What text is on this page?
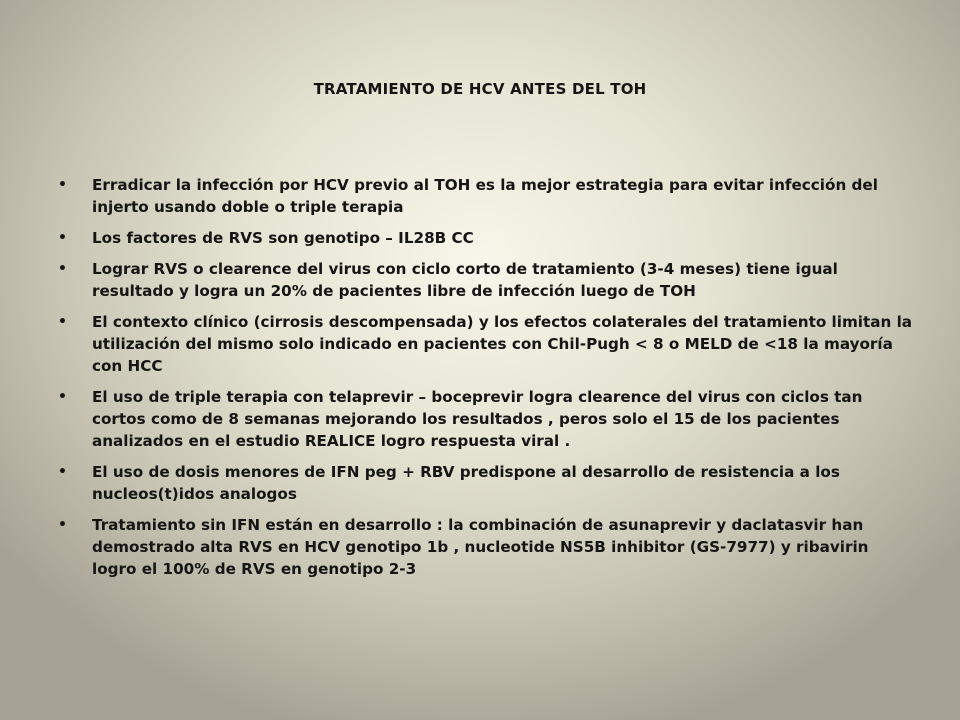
TRATAMIENTO DE HCV ANTES DEL TOH
• Erradicar la infección por HCV previo al TOH es la mejor estrategia para evitar infección del injerto usando doble o triple terapia
• Los factores de RVS son genotipo – IL28B CC
• Lograr RVS o clearence del virus con ciclo corto de tratamiento (3-4 meses) tiene igual resultado y logra un 20% de pacientes libre de infección luego de TOH
• El contexto clínico (cirrosis descompensada) y los efectos colaterales del tratamiento limitan la utilización del mismo solo indicado en pacientes con Chil-Pugh < 8 o MELD de <18 la mayoría con HCC
• El uso de triple terapia con telaprevir – boceprevir logra clearence del virus con ciclos tan cortos como de 8 semanas mejorando los resultados , peros solo el 15 de los pacientes analizados en el estudio REALICE logro respuesta viral .
• El uso de dosis menores de IFN peg + RBV predispone al desarrollo de resistencia a los nucleos(t)idos analogos
• Tratamiento sin IFN están en desarrollo : la combinación de asunaprevir y daclatasvir han demostrado alta RVS en HCV genotipo 1b , nucleotide NS5B inhibitor (GS-7977) y ribavirin logro el 100% de RVS en genotipo 2-3
